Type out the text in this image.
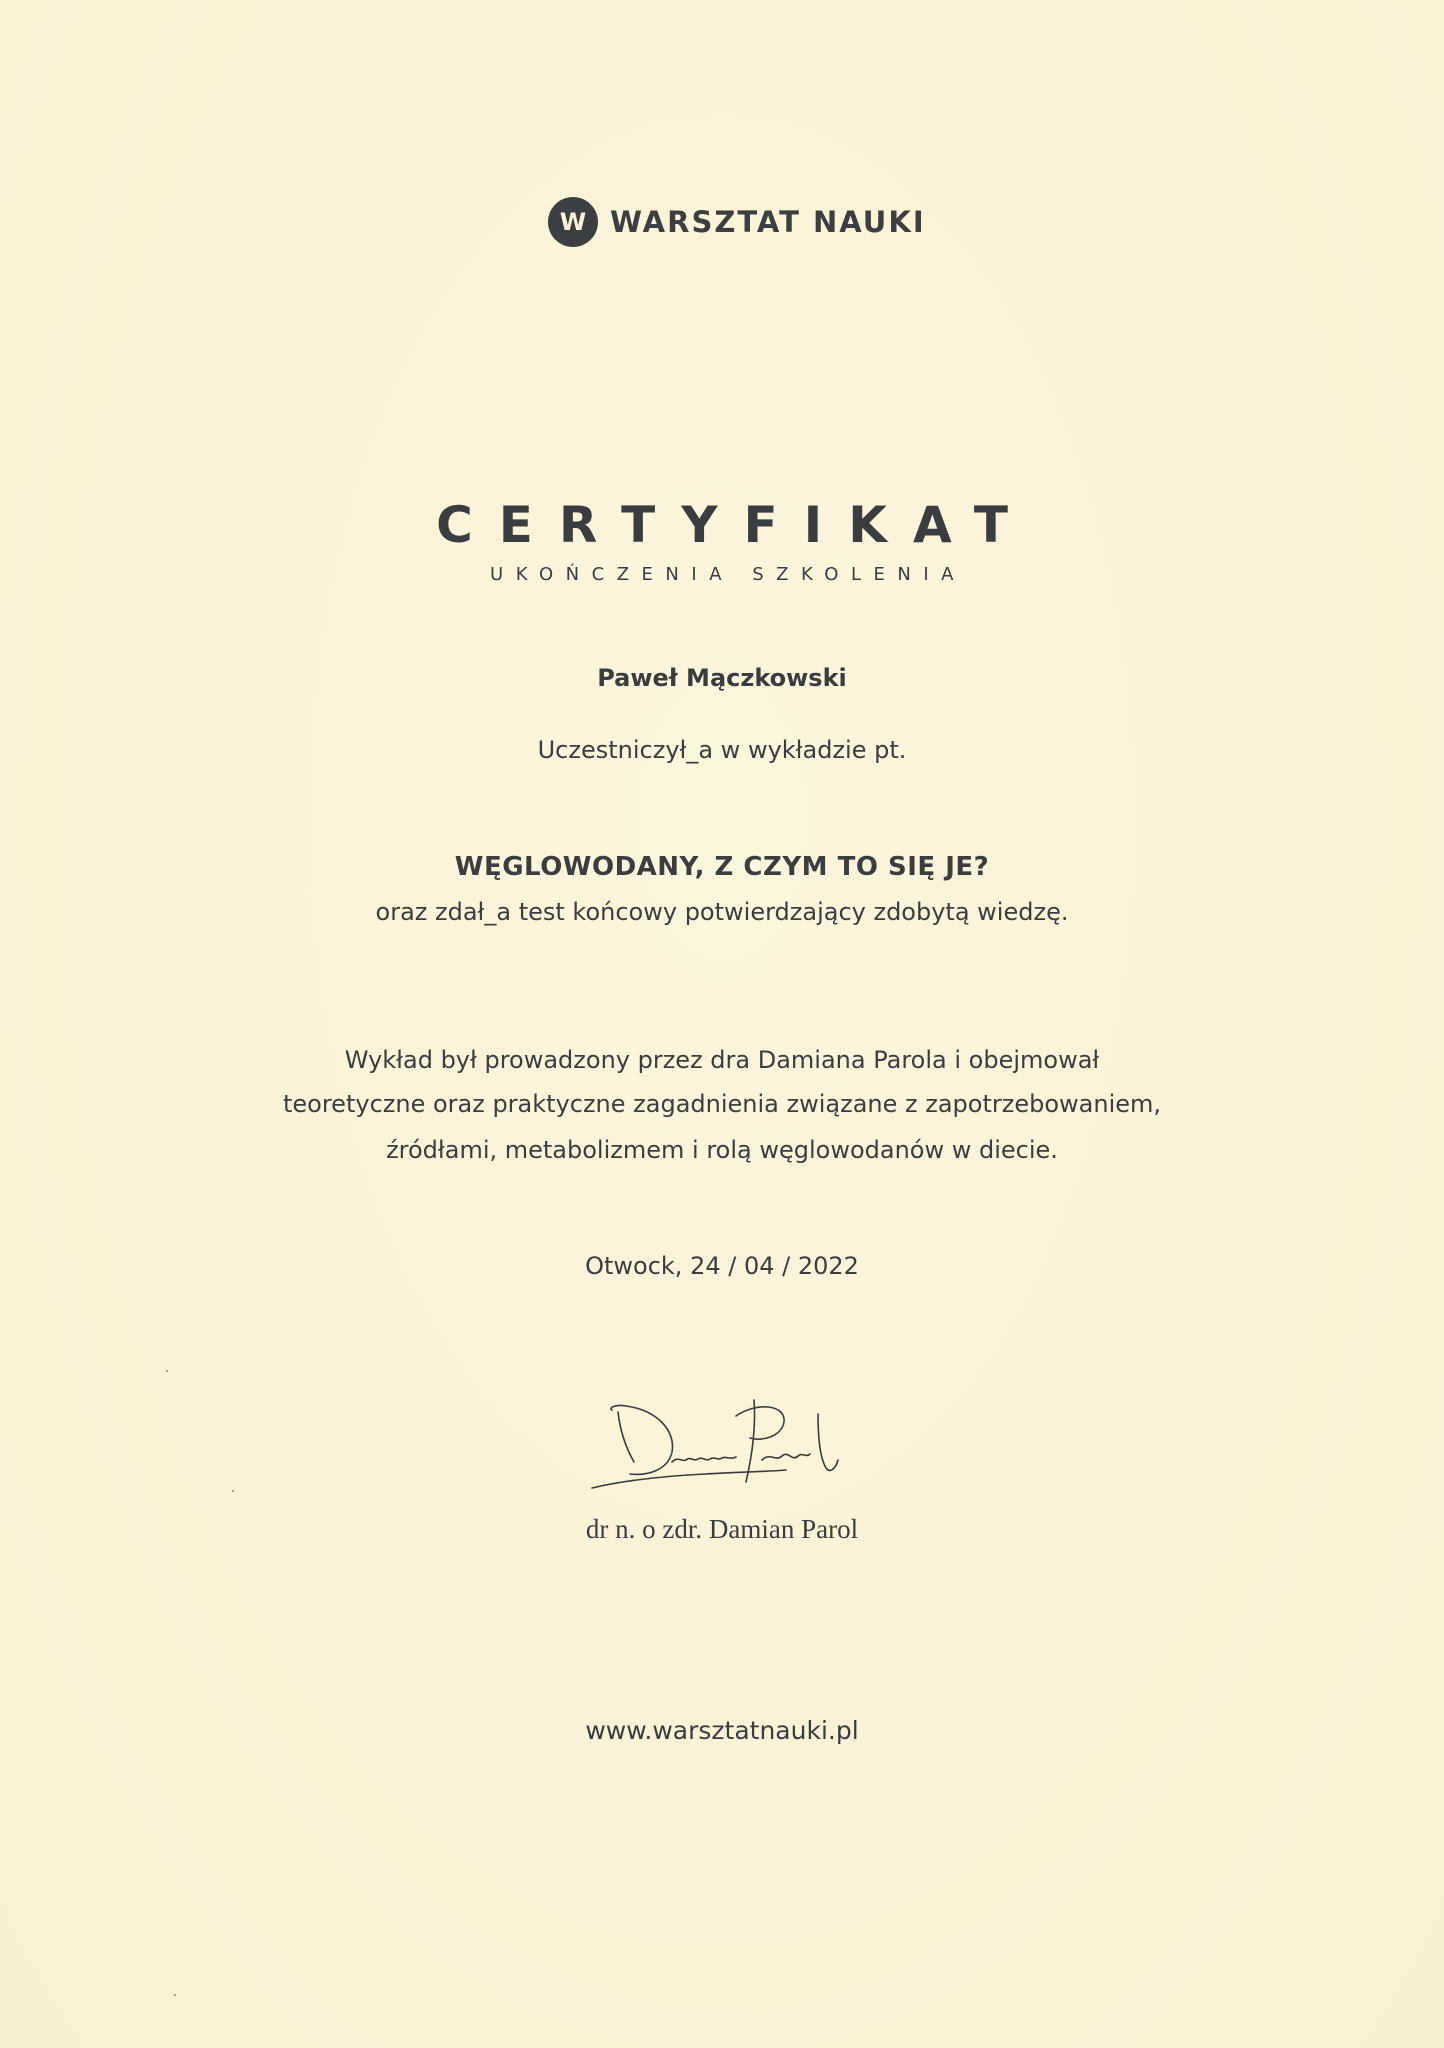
W WARSZTAT NAUKI
CERTYFIKAT
UKOŃCZENIA SZKOLENIA
Paweł Mączkowski
Uczestniczył_a w wykładzie pt.
WĘGLOWODANY, Z CZYM TO SIĘ JE?
oraz zdał_a test końcowy potwierdzający zdobytą wiedzę.
Wykład był prowadzony przez dra Damiana Parola i obejmował
teoretyczne oraz praktyczne zagadnienia związane z zapotrzebowaniem,
źródłami, metabolizmem i rolą węglowodanów w diecie.
Otwock, 24 / 04 / 2022
dr n. o zdr. Damian Parol
www.warsztatnauki.pl
